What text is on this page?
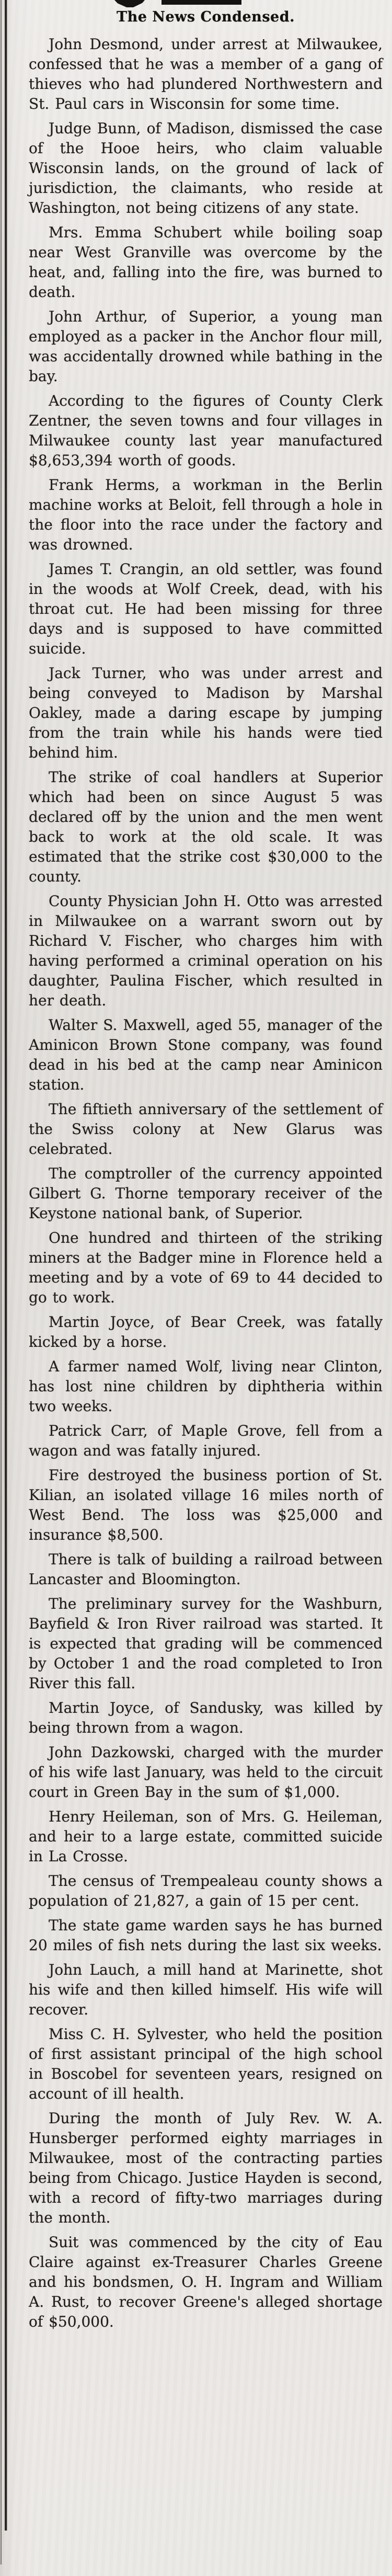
The News Condensed.

John Desmond, under arrest at Milwaukee, confessed that he was a member of a gang of thieves who had plundered Northwestern and St. Paul cars in Wisconsin for some time.

Judge Bunn, of Madison, dismissed the case of the Hooe heirs, who claim valuable Wisconsin lands, on the ground of lack of jurisdiction, the claimants, who reside at Washington, not being citizens of any state.

Mrs. Emma Schubert while boiling soap near West Granville was overcome by the heat, and, falling into the fire, was burned to death.

John Arthur, of Superior, a young man employed as a packer in the Anchor flour mill, was accidentally drowned while bathing in the bay.

According to the figures of County Clerk Zentner, the seven towns and four villages in Milwaukee county last year manufactured $8,653,394 worth of goods.

Frank Herms, a workman in the Berlin machine works at Beloit, fell through a hole in the floor into the race under the factory and was drowned.

James T. Crangin, an old settler, was found in the woods at Wolf Creek, dead, with his throat cut. He had been missing for three days and is supposed to have committed suicide.

Jack Turner, who was under arrest and being conveyed to Madison by Marshal Oakley, made a daring escape by jumping from the train while his hands were tied behind him.

The strike of coal handlers at Superior which had been on since August 5 was declared off by the union and the men went back to work at the old scale. It was estimated that the strike cost $30,000 to the county.

County Physician John H. Otto was arrested in Milwaukee on a warrant sworn out by Richard V. Fischer, who charges him with having performed a criminal operation on his daughter, Paulina Fischer, which resulted in her death.

Walter S. Maxwell, aged 55, manager of the Aminicon Brown Stone company, was found dead in his bed at the camp near Aminicon station.

The fiftieth anniversary of the settlement of the Swiss colony at New Glarus was celebrated.

The comptroller of the currency appointed Gilbert G. Thorne temporary receiver of the Keystone national bank, of Superior.

One hundred and thirteen of the striking miners at the Badger mine in Florence held a meeting and by a vote of 69 to 44 decided to go to work.

Martin Joyce, of Bear Creek, was fatally kicked by a horse.

A farmer named Wolf, living near Clinton, has lost nine children by diphtheria within two weeks.

Patrick Carr, of Maple Grove, fell from a wagon and was fatally injured.

Fire destroyed the business portion of St. Kilian, an isolated village 16 miles north of West Bend. The loss was $25,000 and insurance $8,500.

There is talk of building a railroad between Lancaster and Bloomington.

The preliminary survey for the Washburn, Bayfield & Iron River railroad was started. It is expected that grading will be commenced by October 1 and the road completed to Iron River this fall.

Martin Joyce, of Sandusky, was killed by being thrown from a wagon.

John Dazkowski, charged with the murder of his wife last January, was held to the circuit court in Green Bay in the sum of $1,000.

Henry Heileman, son of Mrs. G. Heileman, and heir to a large estate, committed suicide in La Crosse.

The census of Trempealeau county shows a population of 21,827, a gain of 15 per cent.

The state game warden says he has burned 20 miles of fish nets during the last six weeks.

John Lauch, a mill hand at Marinette, shot his wife and then killed himself. His wife will recover.

Miss C. H. Sylvester, who held the position of first assistant principal of the high school in Boscobel for seventeen years, resigned on account of ill health.

During the month of July Rev. W. A. Hunsberger performed eighty marriages in Milwaukee, most of the contracting parties being from Chicago. Justice Hayden is second, with a record of fifty-two marriages during the month.

Suit was commenced by the city of Eau Claire against ex-Treasurer Charles Greene and his bondsmen, O. H. Ingram and William A. Rust, to recover Greene's alleged shortage of $50,000.
